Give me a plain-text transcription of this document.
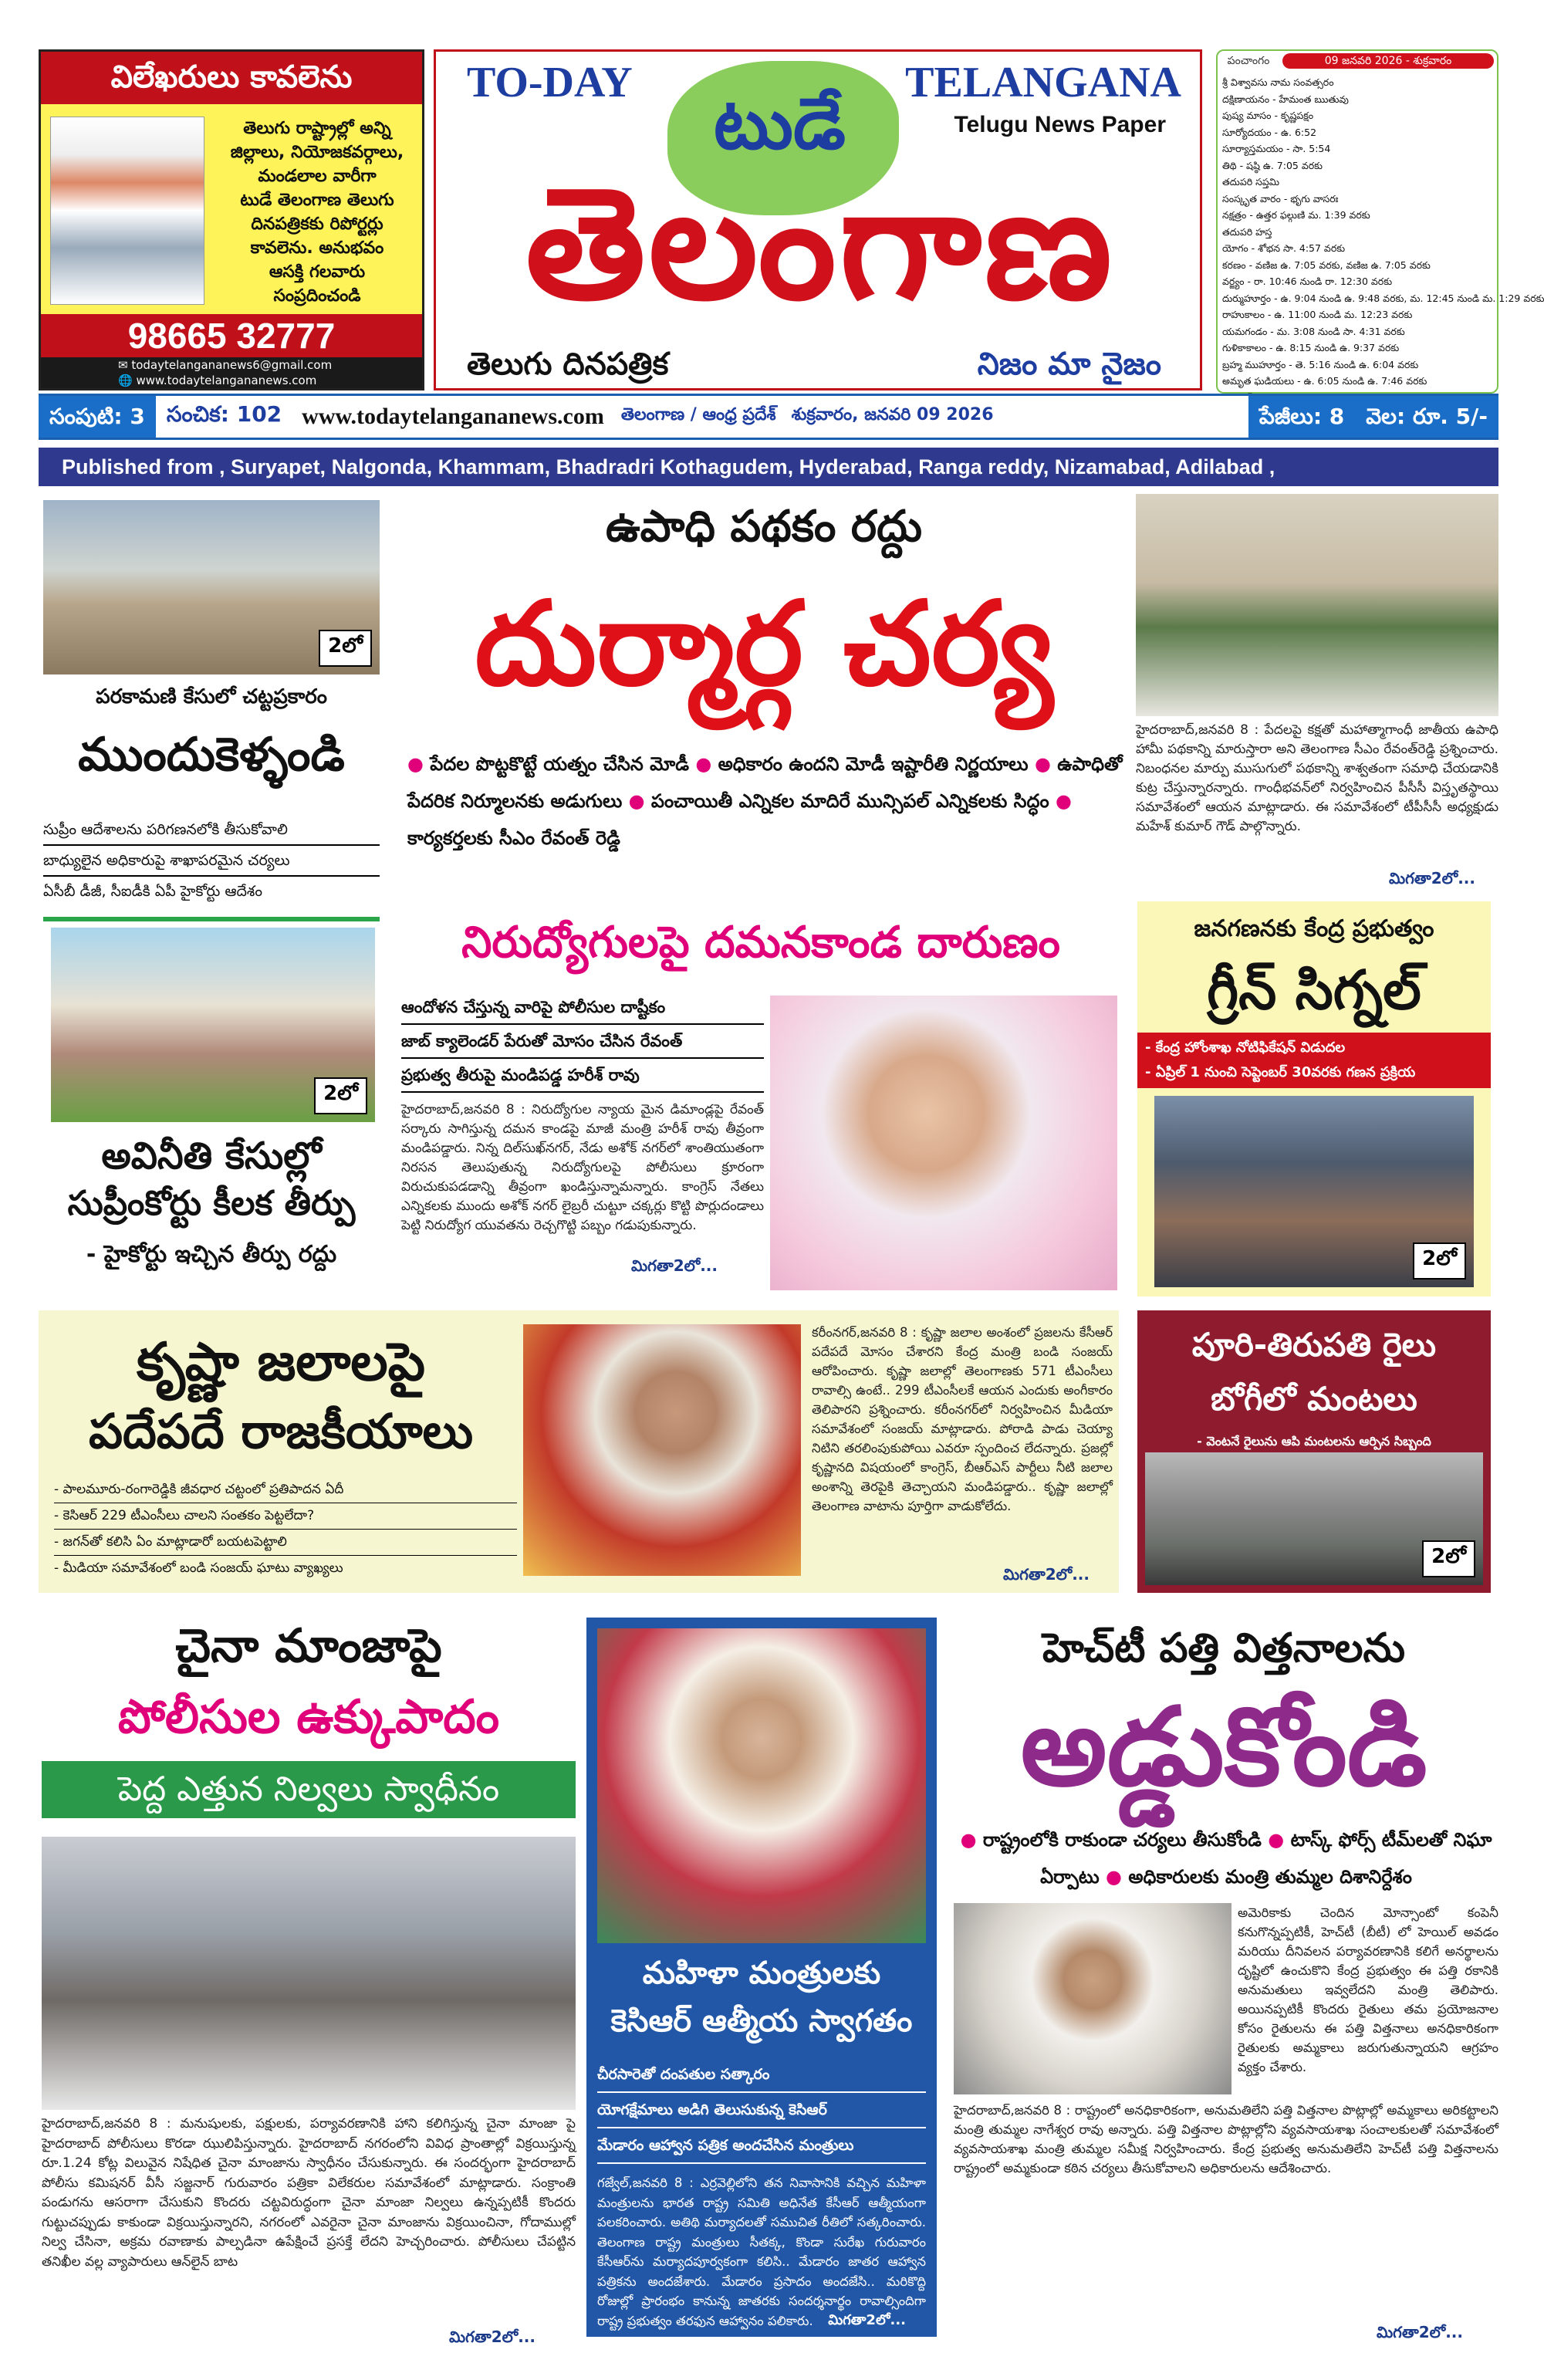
విలేఖరులు కావలెను
తెలుగు రాష్ట్రాల్లో అన్ని
జిల్లాలు, నియోజకవర్గాలు,
మండలాల వారీగా
టుడే తెలంగాణ తెలుగు
దినపత్రికకు రిపోర్టర్లు
కావలెను. అనుభవం
ఆసక్తి గలవారు
సంప్రదించండి
98665 32777
✉ todaytelangananews6@gmail.com
🌐 www.todaytelangananews.com
TO-DAY	TELANGANA
Telugu News Paper
టుడే
తెలంగాణ
తెలుగు దినపత్రిక	నిజం మా నైజం
పంచాంగం	09 జనవరి 2026 - శుక్రవారం
శ్రీ విశ్వావసు నామ సంవత్సరం
దక్షిణాయనం - హేమంత ఋతువు
పుష్య మాసం - కృష్ణపక్షం
సూర్యోదయం - ఉ. 6:52
సూర్యాస్తమయం - సా. 5:54
తిథి - షష్ఠి ఉ. 7:05 వరకు
తదుపరి సప్తమి
సంస్కృత వారం - భృగు వాసరః
నక్షత్రం - ఉత్తర ఫల్గుణి మ. 1:39 వరకు
తదుపరి హస్త
యోగం - శోభన సా. 4:57 వరకు
కరణం - వణిజ ఉ. 7:05 వరకు, వణిజ ఉ. 7:05 వరకు
వర్జ్యం - రా. 10:46 నుండి రా. 12:30 వరకు
దుర్ముహూర్తం - ఉ. 9:04 నుండి ఉ. 9:48 వరకు, మ. 12:45 నుండి మ. 1:29 వరకు
రాహుకాలం - ఉ. 11:00 నుండి మ. 12:23 వరకు
యమగండం - మ. 3:08 నుండి సా. 4:31 వరకు
గుళికాకాలం - ఉ. 8:15 నుండి ఉ. 9:37 వరకు
బ్రహ్మ ముహూర్తం - తె. 5:16 నుండి ఉ. 6:04 వరకు
అమృత ఘడియలు - ఉ. 6:05 నుండి ఉ. 7:46 వరకు
సంపుటి: 3	సంచిక: 102 www.todaytelangananews.com	తెలంగాణ / ఆంధ్ర ప్రదేశ్ శుక్రవారం, జనవరి 09 2026	పేజీలు: 8	వెల: రూ. 5/-
Published from , Suryapet, Nalgonda, Khammam, Bhadradri Kothagudem, Hyderabad, Ranga reddy, Nizamabad, Adilabad ,
2లో
పరకామణి కేసులో చట్టప్రకారం
ముందుకెళ్ళండి
సుప్రీం ఆదేశాలను పరిగణనలోకి తీసుకోవాలి
బాధ్యులైన అధికారుపై శాఖాపరమైన చర్యలు
ఏసీబీ డీజీ, సీఐడీకి ఏపీ హైకోర్టు ఆదేశం
2లో
అవినీతి కేసుల్లో
సుప్రీంకోర్టు కీలక తీర్పు
- హైకోర్టు ఇచ్చిన తీర్పు రద్దు
ఉపాధి పథకం రద్దు
దుర్మార్గ చర్య
● పేదల పొట్టకొట్టే యత్నం చేసిన మోడీ ● అధికారం ఉందని మోడీ ఇష్టారీతి నిర్ణయాలు ● ఉపాధితో పేదరిక నిర్మూలనకు అడుగులు ● పంచాయితీ ఎన్నికల మాదిరే మున్సిపల్ ఎన్నికలకు సిద్ధం ● కార్యకర్తలకు సీఎం రేవంత్ రెడ్డి
హైదరాబాద్,జనవరి 8 : పేదలపై కక్షతో మహాత్మాగాంధీ జాతీయ ఉపాధి హామీ పథకాన్ని మారుస్తారా అని తెలంగాణ సీఎం రేవంత్‌రెడ్డి ప్రశ్నించారు. నిబంధనల మార్పు ముసుగులో పథకాన్ని శాశ్వతంగా సమాధి చేయడానికి కుట్ర చేస్తున్నారన్నారు. గాంధీభవన్‌లో నిర్వహించిన పీసీసీ విస్తృతస్థాయి సమావేశంలో ఆయన మాట్లాడారు. ఈ సమావేశంలో టీపీసీసీ అధ్యక్షుడు మహేశ్ కుమార్ గౌడ్ పాల్గొన్నారు.
మిగతా2లో...
నిరుద్యోగులపై దమనకాండ దారుణం
ఆందోళన చేస్తున్న వారిపై పోలీసుల దాష్టీకం
జాబ్ క్యాలెండర్ పేరుతో మోసం చేసిన రేవంత్
ప్రభుత్వ తీరుపై మండిపడ్డ హరీశ్ రావు
హైదరాబాద్,జనవరి 8 : నిరుద్యోగుల న్యాయ మైన డిమాండ్లపై రేవంత్ సర్కారు సాగిస్తున్న దమన కాండపై మాజీ మంత్రి హరీశ్ రావు తీవ్రంగా మండిపడ్డారు. నిన్న దిల్‌సుఖ్‌నగర్, నేడు అశోక్ నగర్‌లో శాంతియుతంగా నిరసన తెలుపుతున్న నిరుద్యోగులపై పోలీసులు క్రూరంగా విరుచుకుపడడాన్ని తీవ్రంగా ఖండిస్తున్నామన్నారు. కాంగ్రెస్ నేతలు ఎన్నికలకు ముందు అశోక్ నగర్ లైబ్రరీ చుట్టూ చక్కర్లు కొట్టి పొర్లుదండాలు పెట్టి నిరుద్యోగ యువతను రెచ్చగొట్టి పబ్బం గడుపుకున్నారు.
మిగతా2లో...
జనగణనకు కేంద్ర ప్రభుత్వం
గ్రీన్ సిగ్నల్
- కేంద్ర హోంశాఖ నోటిఫికేషన్ విడుదల
- ఏప్రిల్ 1 నుంచి సెప్టెంబర్ 30వరకు గణన ప్రక్రియ
2లో
కృష్ణా జలాలపై
పదేపదే రాజకీయాలు
- పాలమూరు-రంగారెడ్డికి జీవధార చట్టంలో ప్రతిపాదన ఏదీ
- కెసిఆర్ 229 టీఎంసీలు చాలని సంతకం పెట్టలేదా?
- జగన్‌తో కలిసి ఏం మాట్లాడారో బయటపెట్టాలి
- మీడియా సమావేశంలో బండి సంజయ్ ఘాటు వ్యాఖ్యలు
కరీంనగర్,జనవరి 8 : కృష్ణా జలాల అంశంలో ప్రజలను కేసీఆర్ పదేపదే మోసం చేశారని కేంద్ర మంత్రి బండి సంజయ్ ఆరోపించారు. కృష్ణా జలాల్లో తెలంగాణకు 571 టీఎంసీలు రావాల్సి ఉంటే.. 299 టీఎంసీలకే ఆయన ఎందుకు అంగీకారం తెలిపారని ప్రశ్నించారు. కరీంనగర్‌లో నిర్వహించిన మీడియా సమావేశంలో సంజయ్ మాట్లాడారు. పోరాడి పాడు చెయ్యా నిటిని తరలింపుకుపోయి ఎవరూ స్పందించ లేదన్నారు. ప్రజల్లో కృష్ణానది విషయంలో కాంగ్రెస్, బీఆర్ఎస్ పార్టీలు నీటి జలాల అంశాన్ని తెరపైకి తెచ్చాయని మండిపడ్డారు.. కృష్ణా జలాల్లో తెలంగాణ వాటాను పూర్తిగా వాడుకోలేదు.
మిగతా2లో...
పూరి-తిరుపతి రైలు
బోగీలో మంటలు
- వెంటనే రైలును ఆపి మంటలను ఆర్పిన సిబ్బంది
2లో
చైనా మాంజాపై
పోలీసుల ఉక్కుపాదం
పెద్ద ఎత్తున నిల్వలు స్వాధీనం
హైదరాబాద్,జనవరి 8 : మనుషులకు, పక్షులకు, పర్యావరణానికి హాని కలిగిస్తున్న చైనా మాంజా పై హైదరాబాద్ పోలీసులు కొరడా ఝులిపిస్తున్నారు. హైదరాబాద్ నగరంలోని వివిధ ప్రాంతాల్లో విక్రయిస్తున్న రూ.1.24 కోట్ల విలువైన నిషేధిత చైనా మాంజాను స్వాధీనం చేసుకున్నారు. ఈ సందర్భంగా హైదరాబాద్ పోలీసు కమిషనర్ వీసీ సజ్జనార్ గురువారం పత్రికా విలేకరుల సమావేశంలో మాట్లాడారు. సంక్రాంతి పండుగను ఆసరాగా చేసుకుని కొందరు చట్టవిరుద్ధంగా చైనా మాంజా నిల్వలు ఉన్నప్పటికీ కొందరు గుట్టుచప్పుడు కాకుండా విక్రయిస్తున్నారని, నగరంలో ఎవరైనా చైనా మాంజాను విక్రయించినా, గోదాముల్లో నిల్వ చేసినా, అక్రమ రవాణాకు పాల్పడినా ఉపేక్షించే ప్రసక్తే లేదని హెచ్చరించారు. పోలీసులు చేపట్టిన తనిఖీల వల్ల వ్యాపారులు ఆన్‌లైన్ బాట
మిగతా2లో...
మహిళా మంత్రులకు
కెసిఆర్ ఆత్మీయ స్వాగతం
చీరసారెతో దంపతుల సత్కారం
యోగక్షేమాలు అడిగి తెలుసుకున్న కెసిఆర్
మేడారం ఆహ్వాన పత్రిక అందచేసిన మంత్రులు
గజ్వేల్,జనవరి 8 : ఎర్రవెల్లిలోని తన నివాసానికి వచ్చిన మహిళా మంత్రులను భారత రాష్ట్ర సమితి అధినేత కేసీఆర్ ఆత్మీయంగా పలకరించారు. అతిథి మర్యాదలతో సముచిత రీతిలో సత్కరించారు. తెలంగాణ రాష్ట్ర మంత్రులు సీతక్క, కొండా సురేఖ గురువారం కేసీఆర్‌ను మర్యాదపూర్వకంగా కలిసి.. మేడారం జాతర ఆహ్వాన పత్రికను అందజేశారు. మేడారం ప్రసాదం అందజేసి.. మరికొద్ది రోజుల్లో ప్రారంభం కానున్న జాతరకు సందర్శనార్థం రావాల్సిందిగా రాష్ట్ర ప్రభుత్వం తరఫున ఆహ్వానం పలికారు.	మిగతా2లో...
హెచ్‌టీ పత్తి విత్తనాలను
అడ్డుకోండి
● రాష్ట్రంలోకి రాకుండా చర్యలు తీసుకోండి ● టాస్క్ ఫోర్స్ టీమ్‌లతో నిఘా ఏర్పాటు ● అధికారులకు మంత్రి తుమ్మల దిశానిర్దేశం
అమెరికాకు చెందిన మోన్సాంటో కంపెనీ కనుగొన్నప్పటికీ, హెచ్‌టీ (బీటీ) లో హెయిల్ అవడం మరియు దీనివలన పర్యావరణానికి కలిగే అనర్థాలను దృష్టిలో ఉంచుకొని కేంద్ర ప్రభుత్వం ఈ పత్తి రకానికి అనుమతులు ఇవ్వలేదని మంత్రి తెలిపారు. అయినప్పటికీ కొందరు రైతులు తమ ప్రయోజనాల కోసం రైతులను ఈ పత్తి విత్తనాలు అనధికారికంగా రైతులకు అమ్మకాలు జరుగుతున్నాయని ఆగ్రహం వ్యక్తం చేశారు.
హైదరాబాద్,జనవరి 8 : రాష్ట్రంలో అనధికారికంగా, అనుమతిలేని పత్తి విత్తనాల పొట్లాల్లో అమ్మకాలు అరికట్టాలని మంత్రి తుమ్మల నాగేశ్వర రావు అన్నారు. పత్తి విత్తనాల పొట్లాల్లోని వ్యవసాయశాఖ సంచాలకులతో సమావేశంలో వ్యవసాయశాఖ మంత్రి తుమ్మల సమీక్ష నిర్వహించారు. కేంద్ర ప్రభుత్వ అనుమతిలేని హెచ్‌టీ పత్తి విత్తనాలను రాష్ట్రంలో అమ్మకుండా కఠిన చర్యలు తీసుకోవాలని అధికారులను ఆదేశించారు.
మిగతా2లో...
